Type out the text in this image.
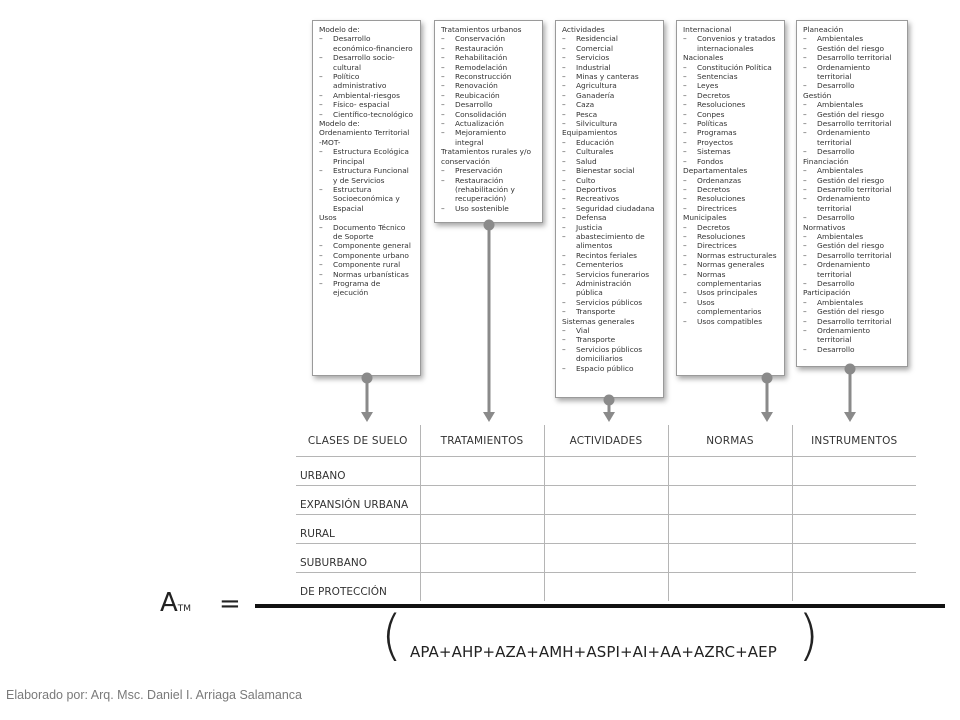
Modelo de:
– Desarrollo económico-financiero
– Desarrollo socio-cultural
– Político administrativo
– Ambiental-riesgos
– Físico- espacial
– Científico-tecnológico
Modelo de: Ordenamiento Territorial -MOT-
– Estructura Ecológica Principal
– Estructura Funcional y de Servicios
– Estructura Socioeconómica y Espacial
Usos
– Documento Técnico de Soporte
– Componente general
– Componente urbano
– Componente rural
– Normas urbanísticas
– Programa de ejecución
Tratamientos urbanos
– Conservación
– Restauración
– Rehabilitación
– Remodelación
– Reconstrucción
– Renovación
– Reubicación
– Desarrollo
– Consolidación
– Actualización
– Mejoramiento integral
Tratamientos rurales y/o conservación
– Preservación
– Restauración (rehabilitación y recuperación)
– Uso sostenible
Actividades
– Residencial
– Comercial
– Servicios
– Industrial
– Minas y canteras
– Agricultura
– Ganadería
– Caza
– Pesca
– Silvicultura
Equipamientos
– Educación
– Culturales
– Salud
– Bienestar social
– Culto
– Deportivos
– Recreativos
– Seguridad ciudadana
– Defensa
– Justicia
– abastecimiento de alimentos
– Recintos feriales
– Cementerios
– Servicios funerarios
– Administración pública
– Servicios públicos
– Transporte
Sistemas generales
– Vial
– Transporte
– Servicios públicos domiciliarios
– Espacio público
Internacional
– Convenios y tratados internacionales
Nacionales
– Constitución Política
– Sentencias
– Leyes
– Decretos
– Resoluciones
– Conpes
– Políticas
– Programas
– Proyectos
– Sistemas
– Fondos
Departamentales
– Ordenanzas
– Decretos
– Resoluciones
– Directrices
Municipales
– Decretos
– Resoluciones
– Directrices
– Normas estructurales
– Normas generales
– Normas complementarias
– Usos principales
– Usos complementarios
– Usos compatibles
Planeación
– Ambientales
– Gestión del riesgo
– Desarrollo territorial
– Ordenamiento territorial
– Desarrollo
Gestión
– Ambientales
– Gestión del riesgo
– Desarrollo territorial
– Ordenamiento territorial
– Desarrollo
Financiación
– Ambientales
– Gestión del riesgo
– Desarrollo territorial
– Ordenamiento territorial
– Desarrollo
Normativos
– Ambientales
– Gestión del riesgo
– Desarrollo territorial
– Ordenamiento territorial
– Desarrollo
Participación
– Ambientales
– Gestión del riesgo
– Desarrollo territorial
– Ordenamiento territorial
– Desarrollo
CLASES DE SUELO	TRATAMIENTOS	ACTIVIDADES	NORMAS	INSTRUMENTOS
URBANO				
EXPANSIÓN URBANA				
RURAL				
SUBURBANO				
DE PROTECCIÓN				
ATM =	( APA+AHP+AZA+AMH+ASPI+AI+AA+AZRC+AEP )
Elaborado por: Arq. Msc. Daniel I. Arriaga Salamanca
